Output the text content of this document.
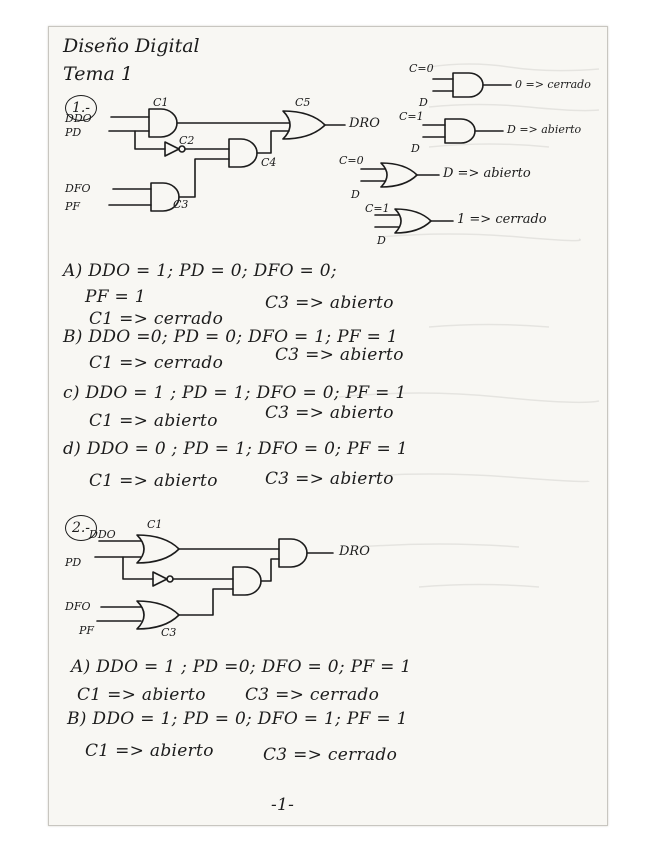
Diseño Digital
Tema 1
1.-
DDO
PD
DFO
PF
DRO
C1
C2
C3
C4
C5
C=0
D
0 => cerrado
C=1
D
D => abierto
C=0
D
D => abierto
C=1
D
1 => cerrado
A) DDO = 1; PD = 0; DFO = 0;
PF = 1
C1 => cerrado
C3 => abierto
B) DDO =0; PD = 0; DFO = 1; PF = 1
C1 => cerrado	C3 => abierto
c) DDO = 1 ; PD = 1; DFO = 0; PF = 1
C1 => abierto	C3 => abierto
d) DDO = 0 ; PD = 1; DFO = 0; PF = 1
C1 => abierto	C3 => abierto
2.-
DDO
PD
DFO
PF
DRO
C1
C3
A) DDO = 1 ; PD =0; DFO = 0; PF = 1
C1 => abierto C3 => cerrado
B) DDO = 1; PD = 0; DFO = 1; PF = 1
C1 => abierto	C3 => cerrado
-1-
